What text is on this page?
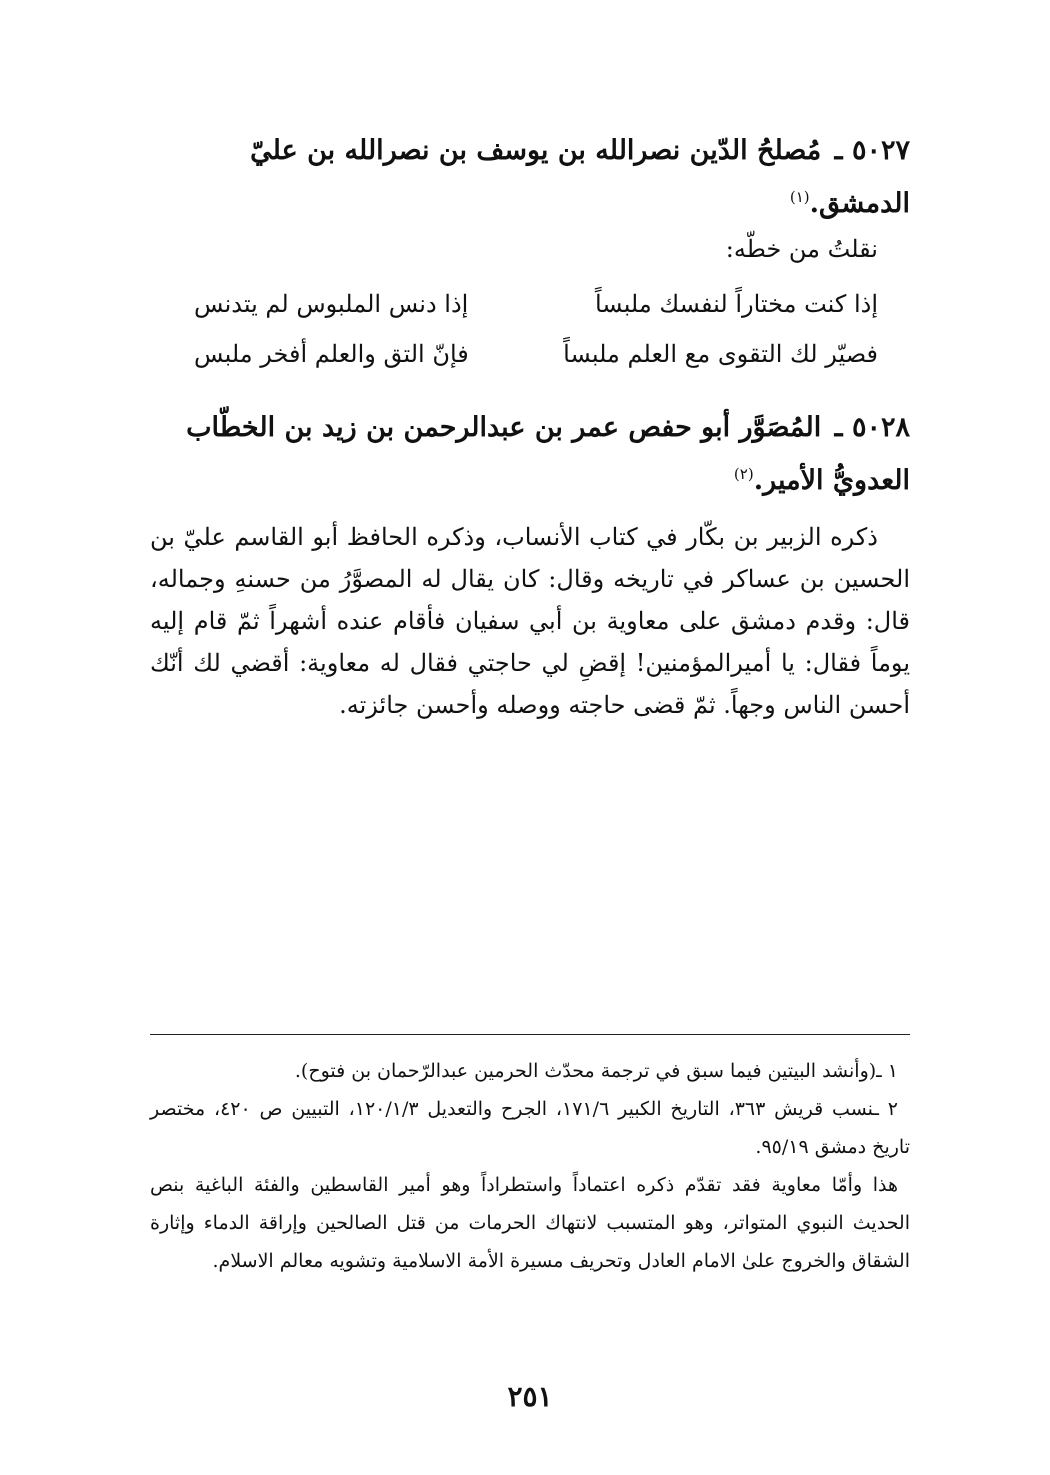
٥٠٢٧ ـ مُصلحُ الدّين نصرالله بن يوسف بن نصرالله بن عليّ الدمشق.$^{(١)}$

نقلتُ من خطّه:

إذا كنت مختاراً لنفسك ملبساً
إذا دنس الملبوس لم يتدنس
فصيّر لك التقوى مع العلم ملبساً
فإنّ التق والعلم أفخر ملبس
٥٠٢٨ ـ المُصَوَّر أبو حفص عمر بن عبدالرحمن بن زيد بن الخطّاب العدويُّ الأمير.$^{(٢)}$

ذكره الزبير بن بكّار في كتاب الأنساب، وذكره الحافظ أبو القاسم عليّ بن الحسين بن عساكر في تاريخه وقال: كان يقال له المصوَّرُ من حسنهِ وجماله، قال: وقدم دمشق على معاوية بن أبي سفيان فأقام عنده أشهراً ثمّ قام إليه يوماً فقال: يا أميرالمؤمنين! إقضِ لي حاجتي فقال له معاوية: أقضي لك أنّك أحسن الناس وجهاً. ثمّ قضى حاجته ووصله وأحسن جائزته.

١ ـ(وأنشد البيتين فيما سبق في ترجمة محدّث الحرمين عبدالرّحمان بن فتوح).

٢ ـنسب قريش ٣٦٣، التاريخ الكبير ١٧١/٦، الجرح والتعديل ١٢٠/١/٣، التبيين ص ٤٢٠، مختصر تاريخ دمشق ٩٥/١٩.

هذا وأمّا معاوية فقد تقدّم ذكره اعتماداً واستطراداً وهو أمير القاسطين والفئة الباغية بنص الحديث النبوي المتواتر، وهو المتسبب لانتهاك الحرمات من قتل الصالحين وإراقة الدماء وإثارة الشقاق والخروج علىٰ الامام العادل وتحريف مسيرة الأمة الاسلامية وتشويه معالم الاسلام.

٢٥١
